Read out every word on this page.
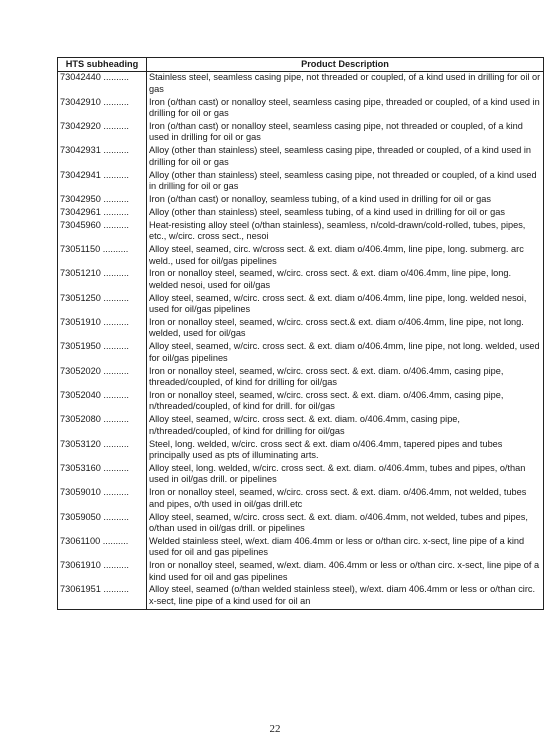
HTS subheading	Product Description
73042440 ..........	Stainless steel, seamless casing pipe, not threaded or coupled, of a kind used in drilling for oil or gas
73042910 ..........	Iron (o/than cast) or nonalloy steel, seamless casing pipe, threaded or coupled, of a kind used in drilling for oil or gas
73042920 ..........	Iron (o/than cast) or nonalloy steel, seamless casing pipe, not threaded or coupled, of a kind used in drilling for oil or gas
73042931 ..........	Alloy (other than stainless) steel, seamless casing pipe, threaded or coupled, of a kind used in drilling for oil or gas
73042941 ..........	Alloy (other than stainless) steel, seamless casing pipe, not threaded or coupled, of a kind used in drilling for oil or gas
73042950 ..........	Iron (o/than cast) or nonalloy, seamless tubing, of a kind used in drilling for oil or gas
73042961 ..........	Alloy (other than stainless) steel, seamless tubing, of a kind used in drilling for oil or gas
73045960 ..........	Heat-resisting alloy steel (o/than stainless), seamless, n/cold-drawn/cold-rolled, tubes, pipes, etc., w/circ. cross sect., nesoi
73051150 ..........	Alloy steel, seamed, circ. w/cross sect. & ext. diam o/406.4mm, line pipe, long. submerg. arc weld., used for oil/gas pipelines
73051210 ..........	Iron or nonalloy steel, seamed, w/circ. cross sect. & ext. diam o/406.4mm, line pipe, long. welded nesoi, used for oil/gas
73051250 ..........	Alloy steel, seamed, w/circ. cross sect. & ext. diam o/406.4mm, line pipe, long. welded nesoi, used for oil/gas pipelines
73051910 ..........	Iron or nonalloy steel, seamed, w/circ. cross sect.& ext. diam o/406.4mm, line pipe, not long. welded, used for oil/gas
73051950 ..........	Alloy steel, seamed, w/circ. cross sect. & ext. diam o/406.4mm, line pipe, not long. welded, used for oil/gas pipelines
73052020 ..........	Iron or nonalloy steel, seamed, w/circ. cross sect. & ext. diam. o/406.4mm, casing pipe, threaded/coupled, of kind for drilling for oil/gas
73052040 ..........	Iron or nonalloy steel, seamed, w/circ. cross sect. & ext. diam. o/406.4mm, casing pipe, n/threaded/coupled, of kind for drill. for oil/gas
73052080 ..........	Alloy steel, seamed, w/circ. cross sect. & ext. diam. o/406.4mm, casing pipe, n/threaded/coupled, of kind for drilling for oil/gas
73053120 ..........	Steel, long. welded, w/circ. cross sect & ext. diam o/406.4mm, tapered pipes and tubes principally used as pts of illuminating arts.
73053160 ..........	Alloy steel, long. welded, w/circ. cross sect. & ext. diam. o/406.4mm, tubes and pipes, o/than used in oil/gas drill. or pipelines
73059010 ..........	Iron or nonalloy steel, seamed, w/circ. cross sect. & ext. diam. o/406.4mm, not welded, tubes and pipes, o/th used in oil/gas drill.etc
73059050 ..........	Alloy steel, seamed, w/circ. cross sect. & ext. diam. o/406.4mm, not welded, tubes and pipes, o/than used in oil/gas drill. or pipelines
73061100 ..........	Welded stainless steel, w/ext. diam 406.4mm or less or o/than circ. x-sect, line pipe of a kind used for oil and gas pipelines
73061910 ..........	Iron or nonalloy steel, seamed, w/ext. diam. 406.4mm or less or o/than circ. x-sect, line pipe of a kind used for oil and gas pipelines
73061951 ..........	Alloy steel, seamed (o/than welded stainless steel), w/ext. diam 406.4mm or less or o/than circ. x-sect, line pipe of a kind used for oil an
22
